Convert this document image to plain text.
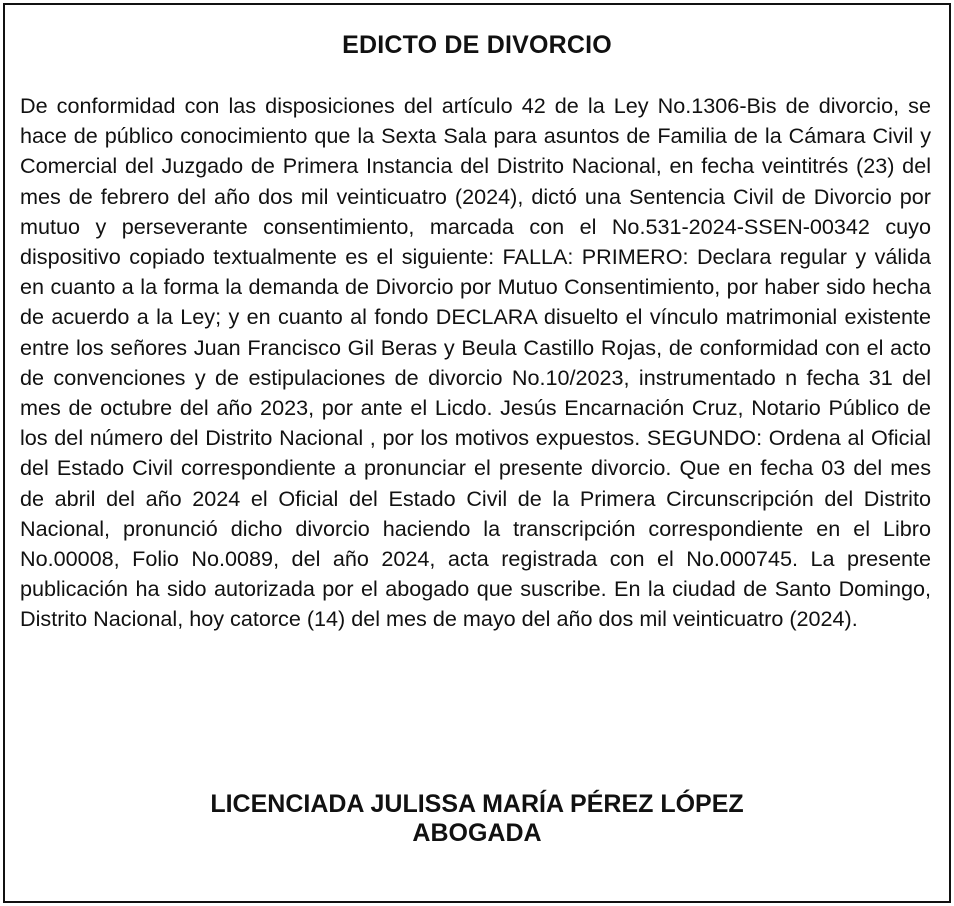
EDICTO DE DIVORCIO
De conformidad con las disposiciones del artículo 42 de la Ley No.1306-Bis de divorcio, se hace de público conocimiento que la Sexta Sala para asuntos de Familia de la Cámara Civil y Comercial del Juzgado de Primera Instancia del Distrito Nacional, en fecha veintitrés (23) del mes de febrero del año dos mil veinticuatro (2024), dictó una Sentencia Civil de Divorcio por mutuo y perseverante consentimiento, marcada con el No.531-2024-SSEN-00342 cuyo dispositivo copiado textualmente es el siguiente: FALLA: PRIMERO: Declara regular y válida en cuanto a la forma la demanda de Divorcio por Mutuo Consentimiento, por haber sido hecha de acuerdo a la Ley; y en cuanto al fondo DECLARA disuelto el vínculo matrimonial existente entre los señores Juan Francisco Gil Beras y Beula Castillo Rojas, de conformidad con el acto de convenciones y de estipulaciones de divorcio No.10/2023, instrumentado n fecha 31 del mes de octubre del año 2023, por ante el Licdo. Jesús Encarnación Cruz, Notario Público de los del número del Distrito Nacional , por los motivos expuestos. SEGUNDO: Ordena al Oficial del Estado Civil correspondiente a pronunciar el presente divorcio. Que en fecha 03 del mes de abril del año 2024 el Oficial del Estado Civil de la Primera Circunscripción del Distrito Nacional, pronunció dicho divorcio haciendo la transcripción correspondiente en el Libro No.00008, Folio No.0089, del año 2024, acta registrada con el No.000745. La presente publicación ha sido autorizada por el abogado que suscribe. En la ciudad de Santo Domingo, Distrito Nacional, hoy catorce (14) del mes de mayo del año dos mil veinticuatro (2024).
LICENCIADA JULISSA MARÍA PÉREZ LÓPEZ
ABOGADA
